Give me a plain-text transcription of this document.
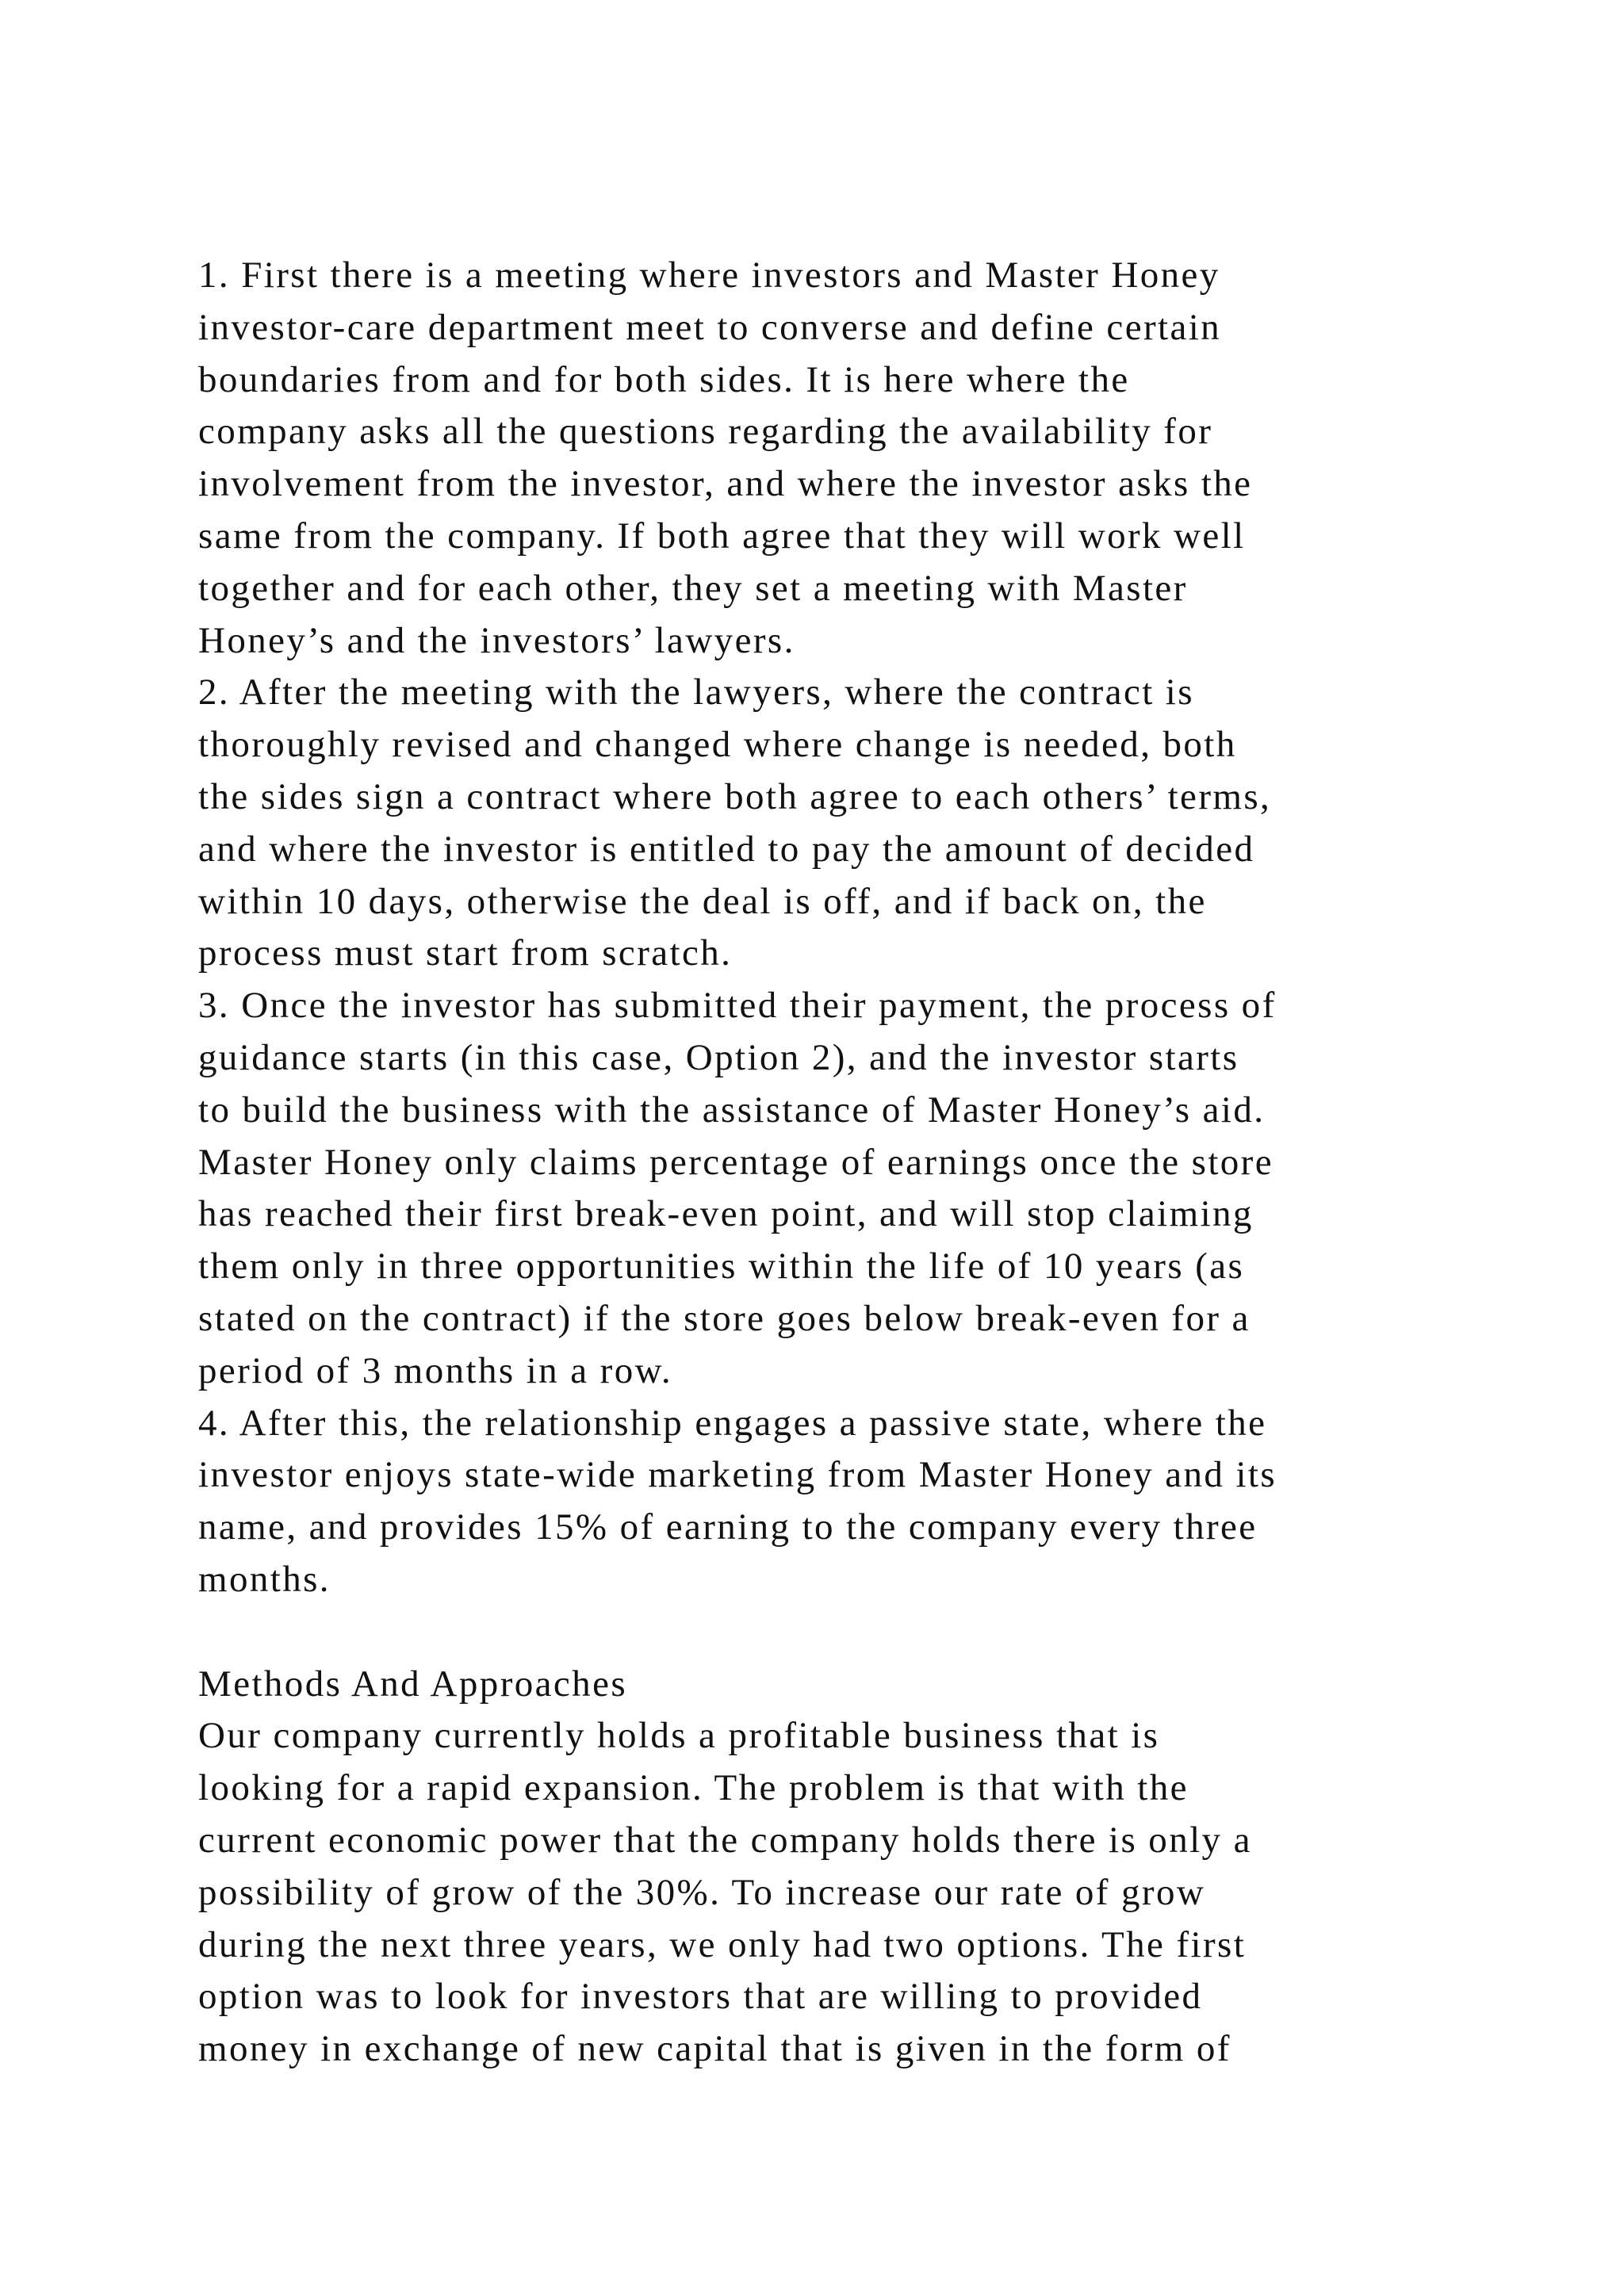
1. First there is a meeting where investors and Master Honey
investor-care department meet to converse and define certain
boundaries from and for both sides. It is here where the
company asks all the questions regarding the availability for
involvement from the investor, and where the investor asks the
same from the company. If both agree that they will work well
together and for each other, they set a meeting with Master
Honey’s and the investors’ lawyers.
2. After the meeting with the lawyers, where the contract is
thoroughly revised and changed where change is needed, both
the sides sign a contract where both agree to each others’ terms,
and where the investor is entitled to pay the amount of decided
within 10 days, otherwise the deal is off, and if back on, the
process must start from scratch.
3. Once the investor has submitted their payment, the process of
guidance starts (in this case, Option 2), and the investor starts
to build the business with the assistance of Master Honey’s aid.
Master Honey only claims percentage of earnings once the store
has reached their first break-even point, and will stop claiming
them only in three opportunities within the life of 10 years (as
stated on the contract) if the store goes below break-even for a
period of 3 months in a row.
4. After this, the relationship engages a passive state, where the
investor enjoys state-wide marketing from Master Honey and its
name, and provides 15% of earning to the company every three
months.
Methods And Approaches
Our company currently holds a profitable business that is
looking for a rapid expansion. The problem is that with the
current economic power that the company holds there is only a
possibility of grow of the 30%. To increase our rate of grow
during the next three years, we only had two options. The first
option was to look for investors that are willing to provided
money in exchange of new capital that is given in the form of
